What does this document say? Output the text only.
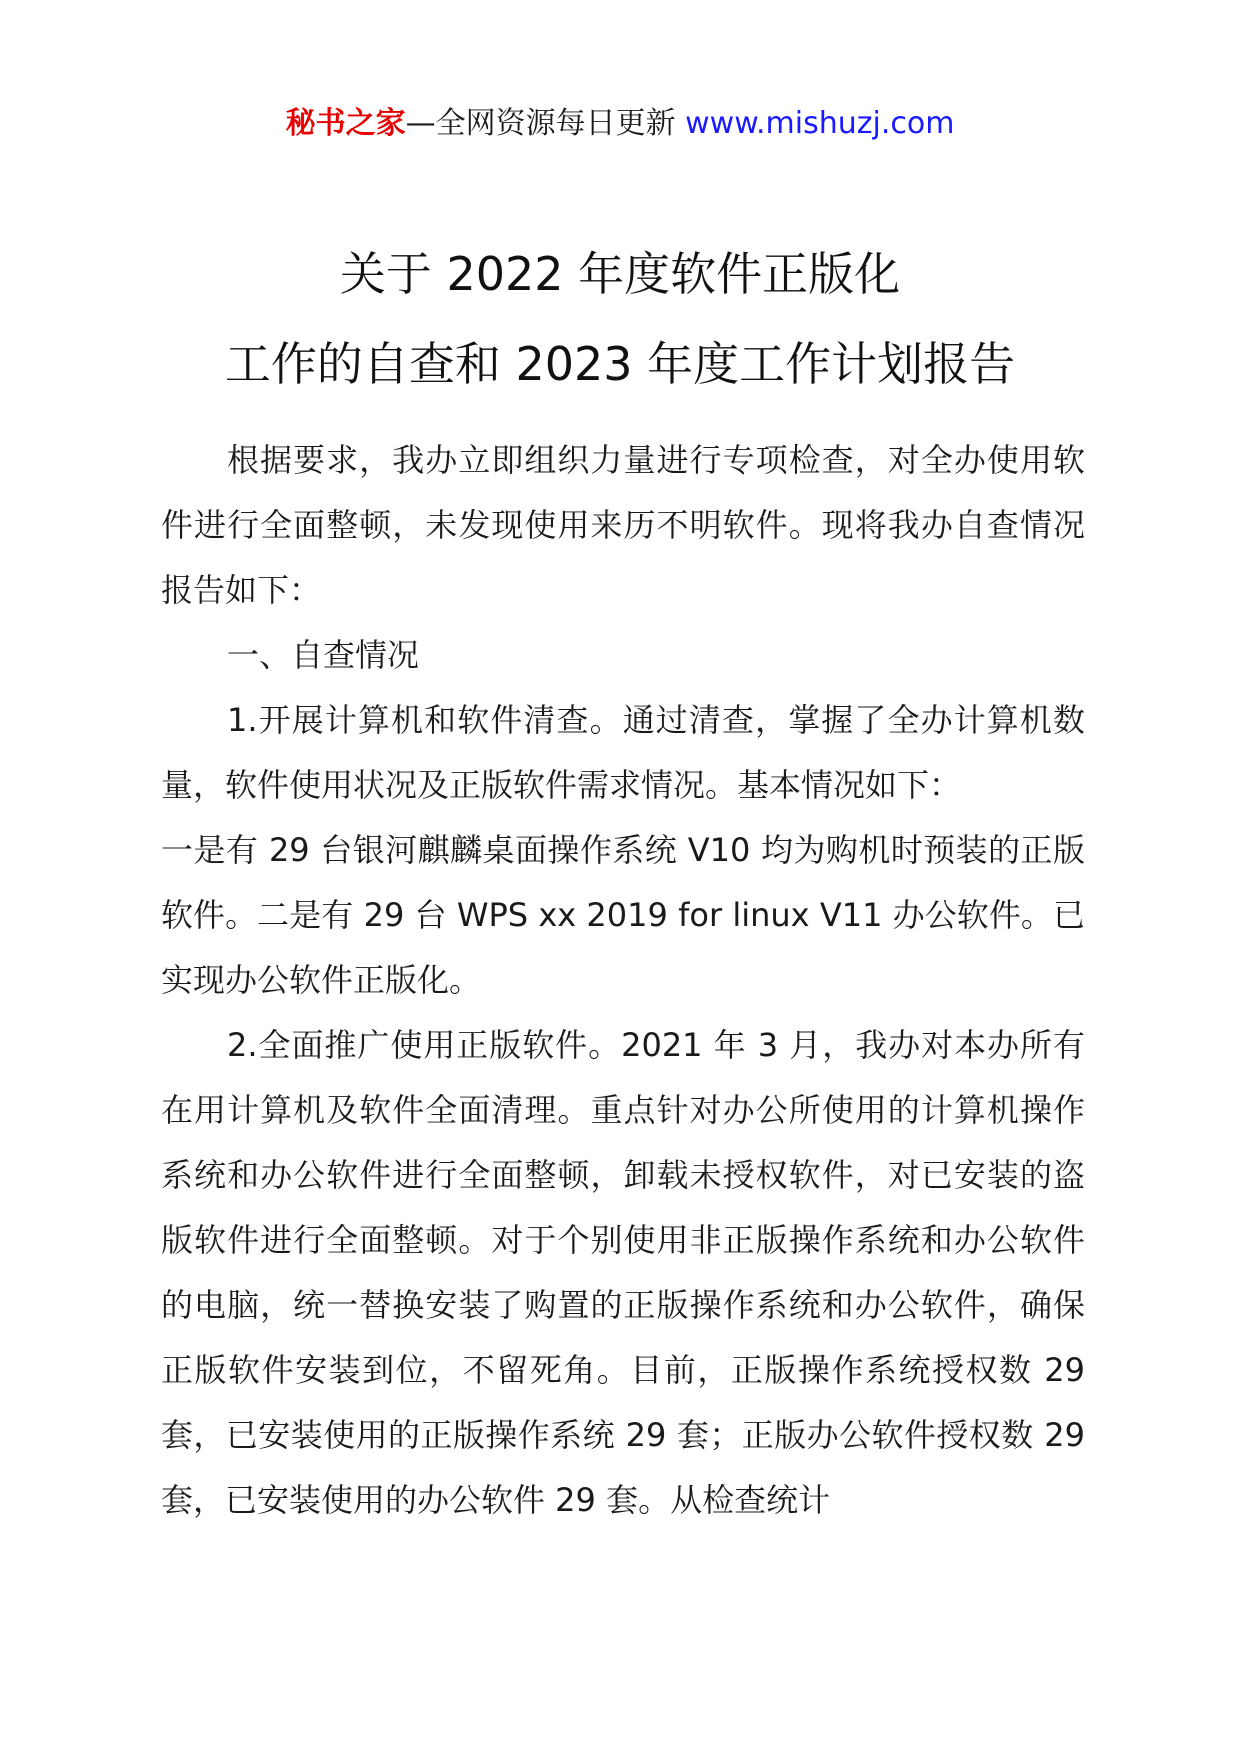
秘书之家—全网资源每日更新 www.mishuzj.com
关于 2022 年度软件正版化
工作的自查和 2023 年度工作计划报告

根据要求，我办立即组织力量进行专项检查，对全办使用软件进行全面整顿，未发现使用来历不明软件。现将我办自查情况报告如下：

一、自查情况

1.开展计算机和软件清查。通过清查，掌握了全办计算机数量，软件使用状况及正版软件需求情况。基本情况如下：

一是有 29 台银河麒麟桌面操作系统 V10 均为购机时预装的正版软件。二是有 29 台 WPS xx 2019 for linux V11 办公软件。已实现办公软件正版化。

2.全面推广使用正版软件。2021 年 3 月，我办对本办所有在用计算机及软件全面清理。重点针对办公所使用的计算机操作系统和办公软件进行全面整顿，卸载未授权软件，对已安装的盗版软件进行全面整顿。对于个别使用非正版操作系统和办公软件的电脑，统一替换安装了购置的正版操作系统和办公软件，确保正版软件安装到位，不留死角。目前，正版操作系统授权数 29 套，已安装使用的正版操作系统 29 套；正版办公软件授权数 29 套，已安装使用的办公软件 29 套。从检查统计
